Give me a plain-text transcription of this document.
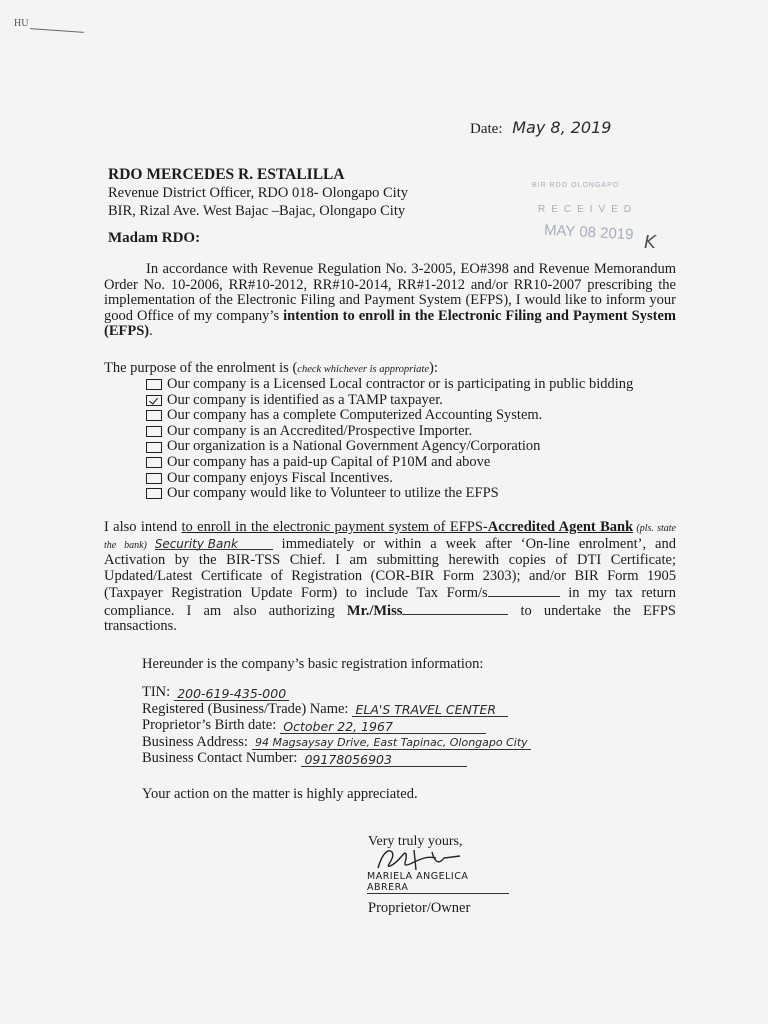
HU
Date: May 8, 2019
RDO MERCEDES R. ESTALILLA
Revenue District Officer, RDO 018- Olongapo City
BIR, Rizal Ave. West Bajac –Bajac, Olongapo City
BIR RDO OLONGAPO
RECEIVED
MAY 08 2019 K
Madam RDO:
In accordance with Revenue Regulation No. 3-2005, EO#398 and Revenue Memorandum Order No. 10-2006, RR#10-2012, RR#10-2014, RR#1-2012 and/or RR10-2007 prescribing the implementation of the Electronic Filing and Payment System (EFPS), I would like to inform your good Office of my company’s intention to enroll in the Electronic Filing and Payment System (EFPS).
The purpose of the enrolment is (check whichever is appropriate):
Our company is a Licensed Local contractor or is participating in public bidding
Our company is identified as a TAMP taxpayer.
Our company has a complete Computerized Accounting System.
Our company is an Accredited/Prospective Importer.
Our organization is a National Government Agency/Corporation
Our company has a paid-up Capital of P10M and above
Our company enjoys Fiscal Incentives.
Our company would like to Volunteer to utilize the EFPS
I also intend to enroll in the electronic payment system of EFPS-Accredited Agent Bank (pls. state the bank) Security Bank immediately or within a week after ‘On-line enrolment’, and Activation by the BIR-TSS Chief. I am submitting herewith copies of DTI Certificate; Updated/Latest Certificate of Registration (COR-BIR Form 2303); and/or BIR Form 1905 (Taxpayer Registration Update Form) to include Tax Form/s	in my tax return compliance. I am also authorizing Mr./Miss	to undertake the EFPS transactions.
Hereunder is the company’s basic registration information:
TIN: 200-619-435-000
Registered (Business/Trade) Name: ELA'S TRAVEL CENTER
Proprietor’s Birth date: October 22, 1967
Business Address: 94 Magsaysay Drive, East Tapinac, Olongapo City
Business Contact Number: 09178056903
Your action on the matter is highly appreciated.
Very truly yours,
MARIELA ANGELICA ABRERA
Proprietor/Owner
